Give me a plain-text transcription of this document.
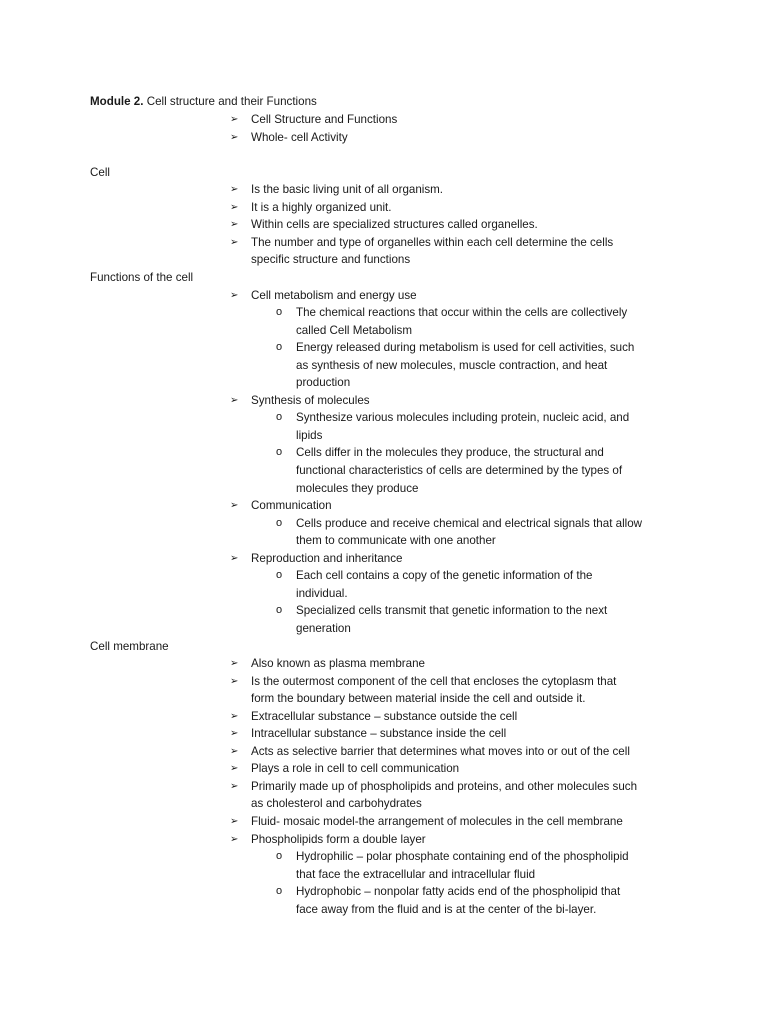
Module 2. Cell structure and their Functions
➢	Cell Structure and Functions
➢	Whole- cell Activity
Cell
➢	Is the basic living unit of all organism.
➢	It is a highly organized unit.
➢	Within cells are specialized structures called organelles.
➢	The number and type of organelles within each cell determine the cells
specific structure and functions
Functions of the cell
➢	Cell metabolism and energy use
o	The chemical reactions that occur within the cells are collectively
called Cell Metabolism
o	Energy released during metabolism is used for cell activities, such
as synthesis of new molecules, muscle contraction, and heat
production
➢	Synthesis of molecules
o	Synthesize various molecules including protein, nucleic acid, and
lipids
o	Cells differ in the molecules they produce, the structural and
functional characteristics of cells are determined by the types of
molecules they produce
➢	Communication
o	Cells produce and receive chemical and electrical signals that allow
them to communicate with one another
➢	Reproduction and inheritance
o	Each cell contains a copy of the genetic information of the
individual.
o	Specialized cells transmit that genetic information to the next
generation
Cell membrane
➢	Also known as plasma membrane
➢	Is the outermost component of the cell that encloses the cytoplasm that
form the boundary between material inside the cell and outside it.
➢	Extracellular substance – substance outside the cell
➢	Intracellular substance – substance inside the cell
➢	Acts as selective barrier that determines what moves into or out of the cell
➢	Plays a role in cell to cell communication
➢	Primarily made up of phospholipids and proteins, and other molecules such
as cholesterol and carbohydrates
➢	Fluid- mosaic model-the arrangement of molecules in the cell membrane
➢	Phospholipids form a double layer
o	Hydrophilic – polar phosphate containing end of the phospholipid
that face the extracellular and intracellular fluid
o	Hydrophobic – nonpolar fatty acids end of the phospholipid that
face away from the fluid and is at the center of the bi-layer.
